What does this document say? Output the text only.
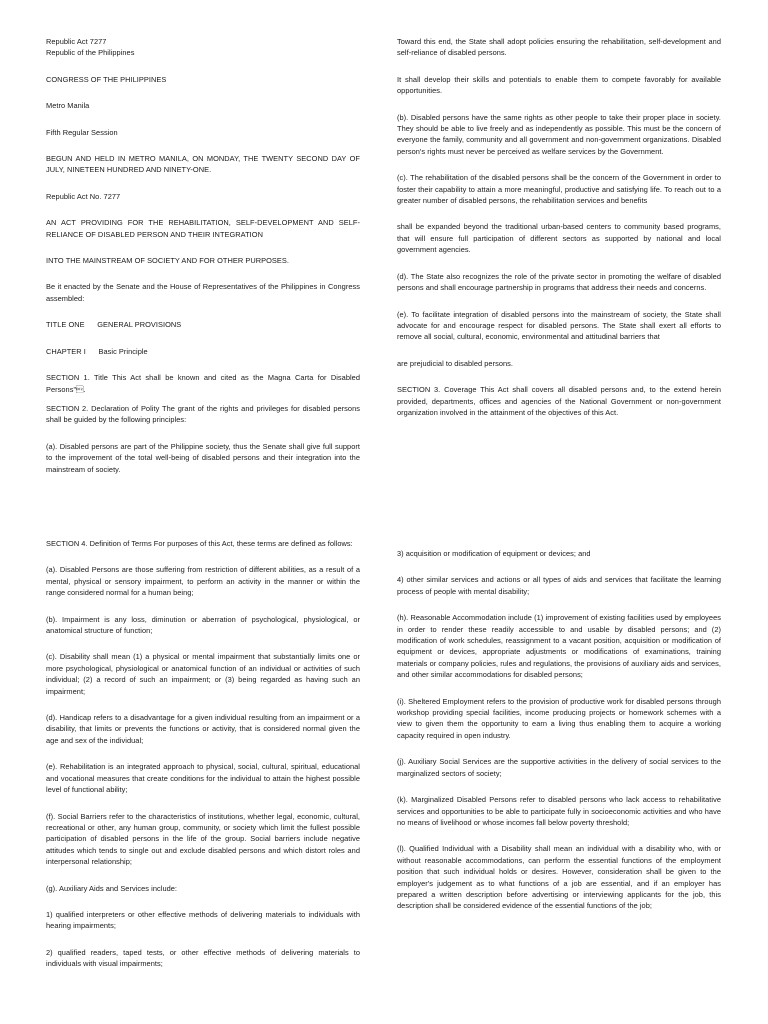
Republic Act 7277

Republic of the Philippines

CONGRESS OF THE PHILIPPINES

Metro Manila

Fifth Regular Session

BEGUN AND HELD IN METRO MANILA, ON MONDAY, THE TWENTY SECOND DAY OF JULY, NINETEEN HUNDRED AND NINETY-ONE.

Republic Act No. 7277

AN ACT PROVIDING FOR THE REHABILITATION, SELF-DEVELOPMENT AND SELF-RELIANCE OF DISABLED PERSON AND THEIR INTEGRATION

INTO THE MAINSTREAM OF SOCIETY AND FOR OTHER PURPOSES.

Be it enacted by the Senate and the House of Representatives of the Philippines in Congress assembled:

TITLE ONE      GENERAL PROVISIONS

CHAPTER I      Basic Principle

SECTION 1. Title This Act shall be known and cited as the Magna Carta for Disabled Persons".

SECTION 2. Declaration of Polity The grant of the rights and privileges for disabled persons shall be guided by the following principles:

(a). Disabled persons are part of the Philippine society, thus the Senate shall give full support to the improvement of the total well-being of disabled persons and their integration into the mainstream of society.

Toward this end, the State shall adopt policies ensuring the rehabilitation, self-development and self-reliance of disabled persons.

It shall develop their skills and potentials to enable them to compete favorably for available opportunities.

(b). Disabled persons have the same rights as other people to take their proper place in society. They should be able to live freely and as independently as possible. This must be the concern of everyone the family, community and all government and non-government organizations. Disabled person's rights must never be perceived as welfare services by the Government.

(c). The rehabilitation of the disabled persons shall be the concern of the Government in order to foster their capability to attain a more meaningful, productive and satisfying life. To reach out to a greater number of disabled persons, the rehabilitation services and benefits

shall be expanded beyond the traditional urban-based centers to community based programs, that will ensure full participation of different sectors as supported by national and local government agencies.

(d). The State also recognizes the role of the private sector in promoting the welfare of disabled persons and shall encourage partnership in programs that address their needs and concerns.

(e). To facilitate integration of disabled persons into the mainstream of society, the State shall advocate for and encourage respect for disabled persons. The State shall exert all efforts to remove all social, cultural, economic, environmental and attitudinal barriers that

are prejudicial to disabled persons.

SECTION 3. Coverage This Act shall covers all disabled persons and, to the extend herein provided, departments, offices and agencies of the National Government or non-government organization involved in the attainment of the objectives of this Act.

SECTION 4. Definition of Terms For purposes of this Act, these terms are defined as follows:

(a). Disabled Persons are those suffering from restriction of different abilities, as a result of a mental, physical or sensory impairment, to perform an activity in the manner or within the range considered normal for a human being;

(b). Impairment is any loss, diminution or aberration of psychological, physiological, or anatomical structure of function;

(c). Disability shall mean (1) a physical or mental impairment that substantially limits one or more psychological, physiological or anatomical function of an individual or activities of such individual; (2) a record of such an impairment; or (3) being regarded as having such an impairment;

(d). Handicap refers to a disadvantage for a given individual resulting from an impairment or a disability, that limits or prevents the functions or activity, that is considered normal given the age and sex of the individual;

(e). Rehabilitation is an integrated approach to physical, social, cultural, spiritual, educational and vocational measures that create conditions for the individual to attain the highest possible level of functional ability;

(f). Social Barriers refer to the characteristics of institutions, whether legal, economic, cultural, recreational or other, any human group, community, or society which limit the fullest possible participation of disabled persons in the life of the group. Social barriers include negative attitudes which tends to single out and exclude disabled persons and which distort roles and interpersonal relationship;

(g). Auxiliary Aids and Services include:

1) qualified interpreters or other effective methods of delivering materials to individuals with hearing impairments;

2) qualified readers, taped tests, or other effective methods of delivering materials to individuals with visual impairments;

3) acquisition or modification of equipment or devices; and

4) other similar services and actions or all types of aids and services that facilitate the learning process of people with mental disability;

(h). Reasonable Accommodation include (1) improvement of existing facilities used by employees in order to render these readily accessible to and usable by disabled persons; and (2) modification of work schedules, reassignment to a vacant position, acquisition or modification of equipment or devices, appropriate adjustments or modifications of examinations, training materials or company policies, rules and regulations, the provisions of auxiliary aids and services, and other similar accommodations for disabled persons;

(i). Sheltered Employment refers to the provision of productive work for disabled persons through workshop providing special facilities, income producing projects or homework schemes with a view to given them the opportunity to earn a living thus enabling them to acquire a working capacity required in open industry.

(j). Auxiliary Social Services are the supportive activities in the delivery of social services to the marginalized sectors of society;

(k). Marginalized Disabled Persons refer to disabled persons who lack access to rehabilitative services and opportunities to be able to participate fully in socioeconomic activities and who have no means of livelihood or whose incomes fall below poverty threshold;

(l). Qualified Individual with a Disability shall mean an individual with a disability who, with or without reasonable accommodations, can perform the essential functions of the employment position that such individual holds or desires. However, consideration shall be given to the employer's judgement as to what functions of a job are essential, and if an employer has prepared a written description before advertising or interviewing applicants for the job, this description shall be considered evidence of the essential functions of the job;
